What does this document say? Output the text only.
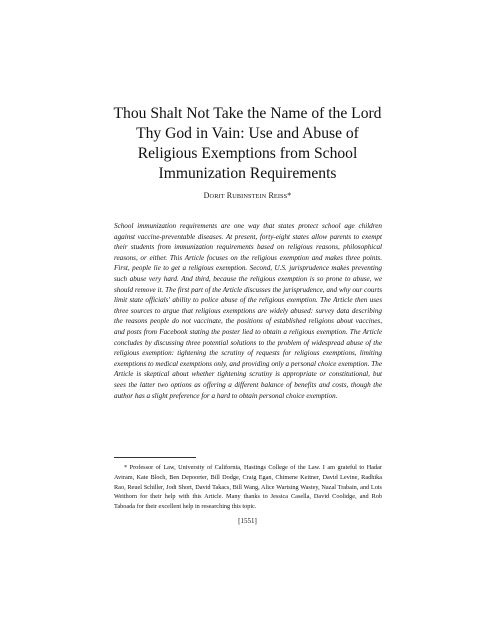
Thou Shalt Not Take the Name of the Lord Thy God in Vain: Use and Abuse of Religious Exemptions from School Immunization Requirements
DORIT RUBINSTEIN REISS*

School immunization requirements are one way that states protect school age children against vaccine-preventable diseases. At present, forty-eight states allow parents to exempt their students from immunization requirements based on religious reasons, philosophical reasons, or either. This Article focuses on the religious exemption and makes three points. First, people lie to get a religious exemption. Second, U.S. jurisprudence makes preventing such abuse very hard. And third, because the religious exemption is so prone to abuse, we should remove it. The first part of the Article discusses the jurisprudence, and why our courts limit state officials' ability to police abuse of the religious exemption. The Article then uses three sources to argue that religious exemptions are widely abused: survey data describing the reasons people do not vaccinate, the positions of established religions about vaccines, and posts from Facebook stating the poster lied to obtain a religious exemption. The Article concludes by discussing three potential solutions to the problem of widespread abuse of the religious exemption: tightening the scrutiny of requests for religious exemptions, limiting exemptions to medical exemptions only, and providing only a personal choice exemption. The Article is skeptical about whether tightening scrutiny is appropriate or constitutional, but sees the latter two options as offering a different balance of benefits and costs, though the author has a slight preference for a hard to obtain personal choice exemption.

* Professor of Law, University of California, Hastings College of the Law. I am grateful to Hadar Aviram, Kate Bloch, Ben Depoorter, Bill Dodge, Craig Egan, Chimene Keitner, David Levine, Radhika Rao, Reuel Schiller, Jodi Short, David Takacs, Bill Wang, Alice Wartsing Wastey, Nazal Trabain, and Lois Weithorn for their help with this Article. Many thanks to Jessica Casella, David Coolidge, and Rob Taboada for their excellent help in researching this topic.

[1551]
